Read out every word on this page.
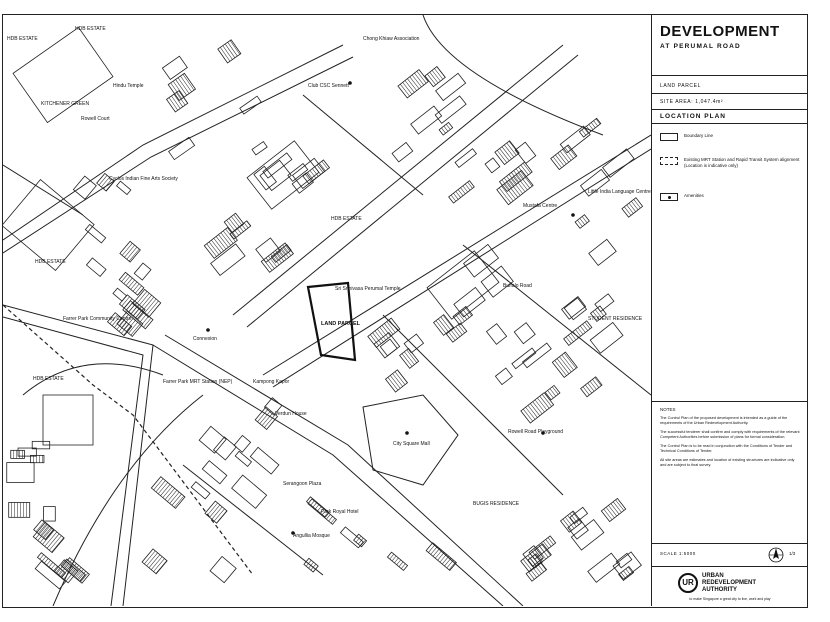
HDB ESTATE
HDB ESTATE
HDB ESTATE
HDB ESTATE
HDB ESTATE
KITCHENER GREEN
Rowell Court
Hindu Temple
Chong Khiaw Association
Club CSC Sennett
Cyclos Indian Fine Arts Society
Farrer Park Community Centre
Connexion
Farrer Park MRT Station (NEP)
Sri Srinivasa Perumal Temple
LAND PARCEL
City Square Mall
Rowell Road Playground
BUGIS RESIDENCE
STUDENT RESIDENCE
Little India Language Centre
Mustafa Centre
Park Royal Hotel
Serangoon Plaza
Verdun House
Kampong Kapor
Angullia Mosque
Buffalo Road
DEVELOPMENT
AT PERUMAL ROAD
LAND PARCEL
SITE AREA: 1,047.4m²
LOCATION PLAN
Boundary Line
Existing MRT Station and Rapid Transit System alignment (Location is indicative only)
Amenities

NOTES

The Control Plan of the proposed development is intended as a guide of the requirements of the Urban Redevelopment Authority.

The successful tenderer shall confirm and comply with requirements of the relevant Competent Authorities before submission of plans for formal consideration.

The Control Plan is to be read in conjunction with the Conditions of Tender and Technical Conditions of Tender.

All site areas are estimates and location of existing structures are indicative only and are subject to final survey.

SCALE 1:5000	1/3
UR
URBAN
REDEVELOPMENT
AUTHORITY
to make Singapore a great city to live, work and play
